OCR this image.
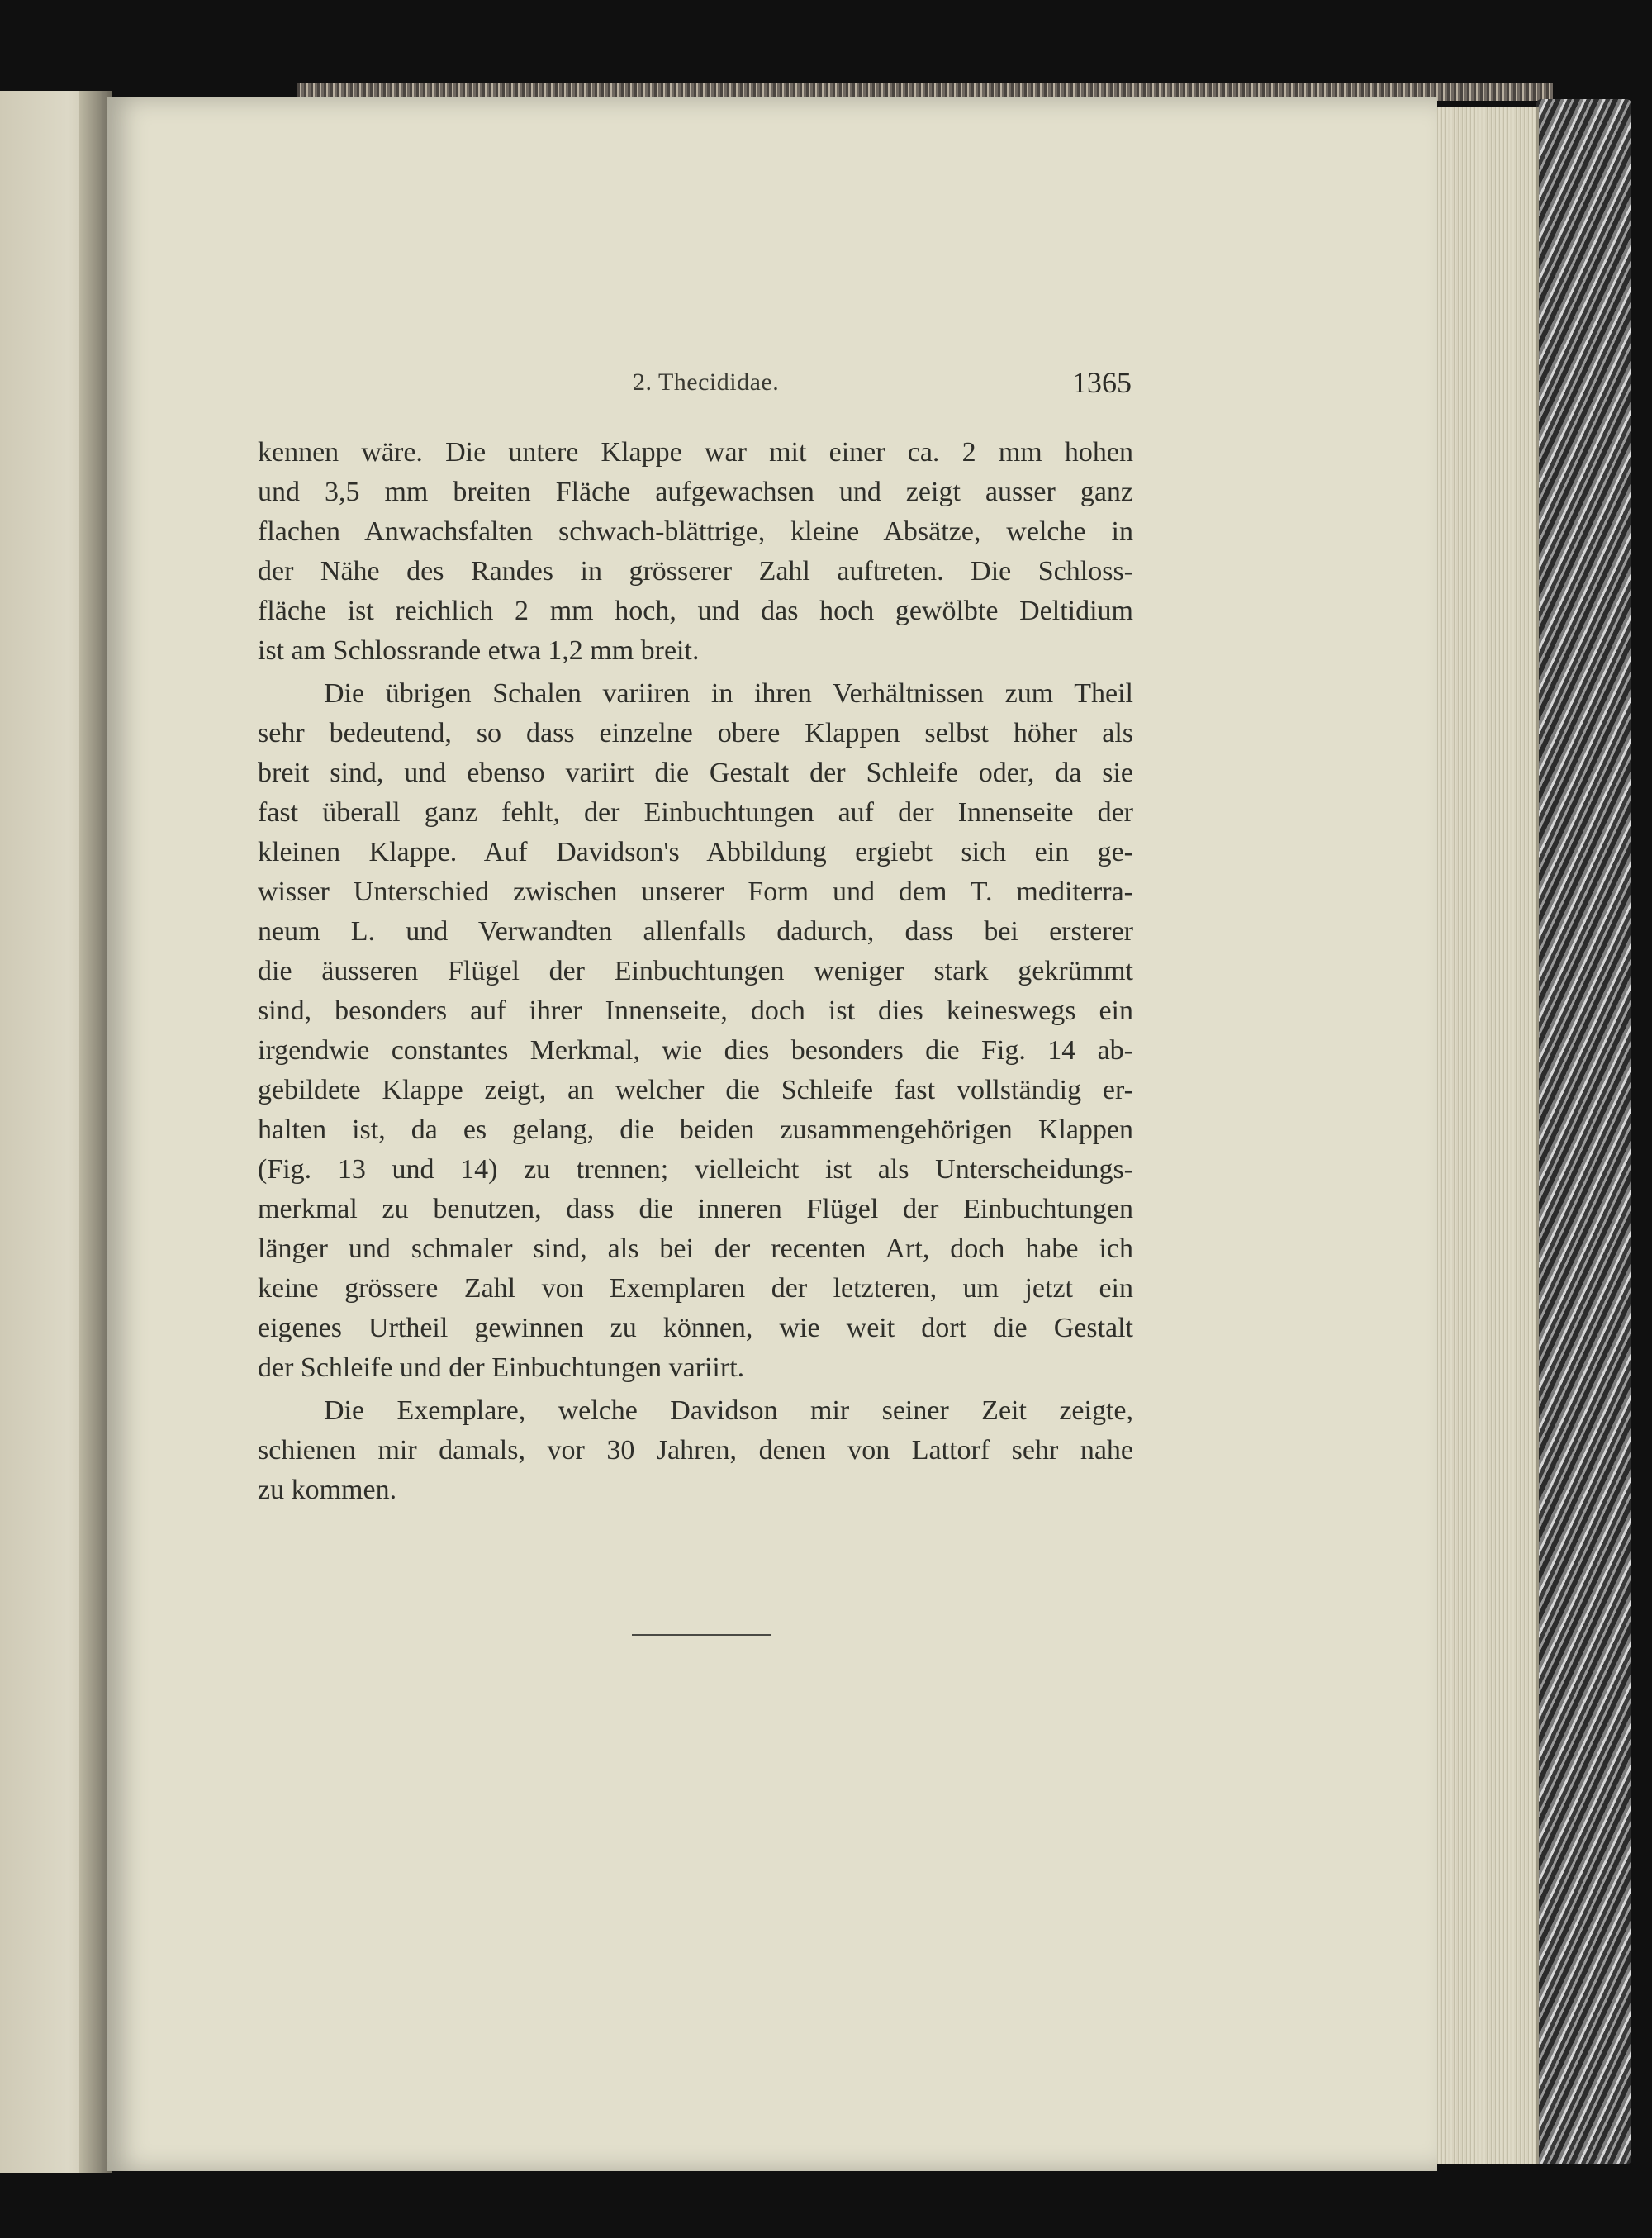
2. Thecididae.	1365
kennen wäre. Die untere Klappe war mit einer ca. 2 mm hohen
und 3,5 mm breiten Fläche aufgewachsen und zeigt ausser ganz
flachen Anwachsfalten schwach-blättrige, kleine Absätze, welche in
der Nähe des Randes in grösserer Zahl auftreten. Die Schloss-
fläche ist reichlich 2 mm hoch, und das hoch gewölbte Deltidium
ist am Schlossrande etwa 1,2 mm breit.
Die übrigen Schalen variiren in ihren Verhältnissen zum Theil
sehr bedeutend, so dass einzelne obere Klappen selbst höher als
breit sind, und ebenso variirt die Gestalt der Schleife oder, da sie
fast überall ganz fehlt, der Einbuchtungen auf der Innenseite der
kleinen Klappe. Auf Davidson's Abbildung ergiebt sich ein ge-
wisser Unterschied zwischen unserer Form und dem T. mediterra-
neum L. und Verwandten allenfalls dadurch, dass bei ersterer
die äusseren Flügel der Einbuchtungen weniger stark gekrümmt
sind, besonders auf ihrer Innenseite, doch ist dies keineswegs ein
irgendwie constantes Merkmal, wie dies besonders die Fig. 14 ab-
gebildete Klappe zeigt, an welcher die Schleife fast vollständig er-
halten ist, da es gelang, die beiden zusammengehörigen Klappen
(Fig. 13 und 14) zu trennen; vielleicht ist als Unterscheidungs-
merkmal zu benutzen, dass die inneren Flügel der Einbuchtungen
länger und schmaler sind, als bei der recenten Art, doch habe ich
keine grössere Zahl von Exemplaren der letzteren, um jetzt ein
eigenes Urtheil gewinnen zu können, wie weit dort die Gestalt
der Schleife und der Einbuchtungen variirt.
Die Exemplare, welche Davidson mir seiner Zeit zeigte,
schienen mir damals, vor 30 Jahren, denen von Lattorf sehr nahe
zu kommen.
